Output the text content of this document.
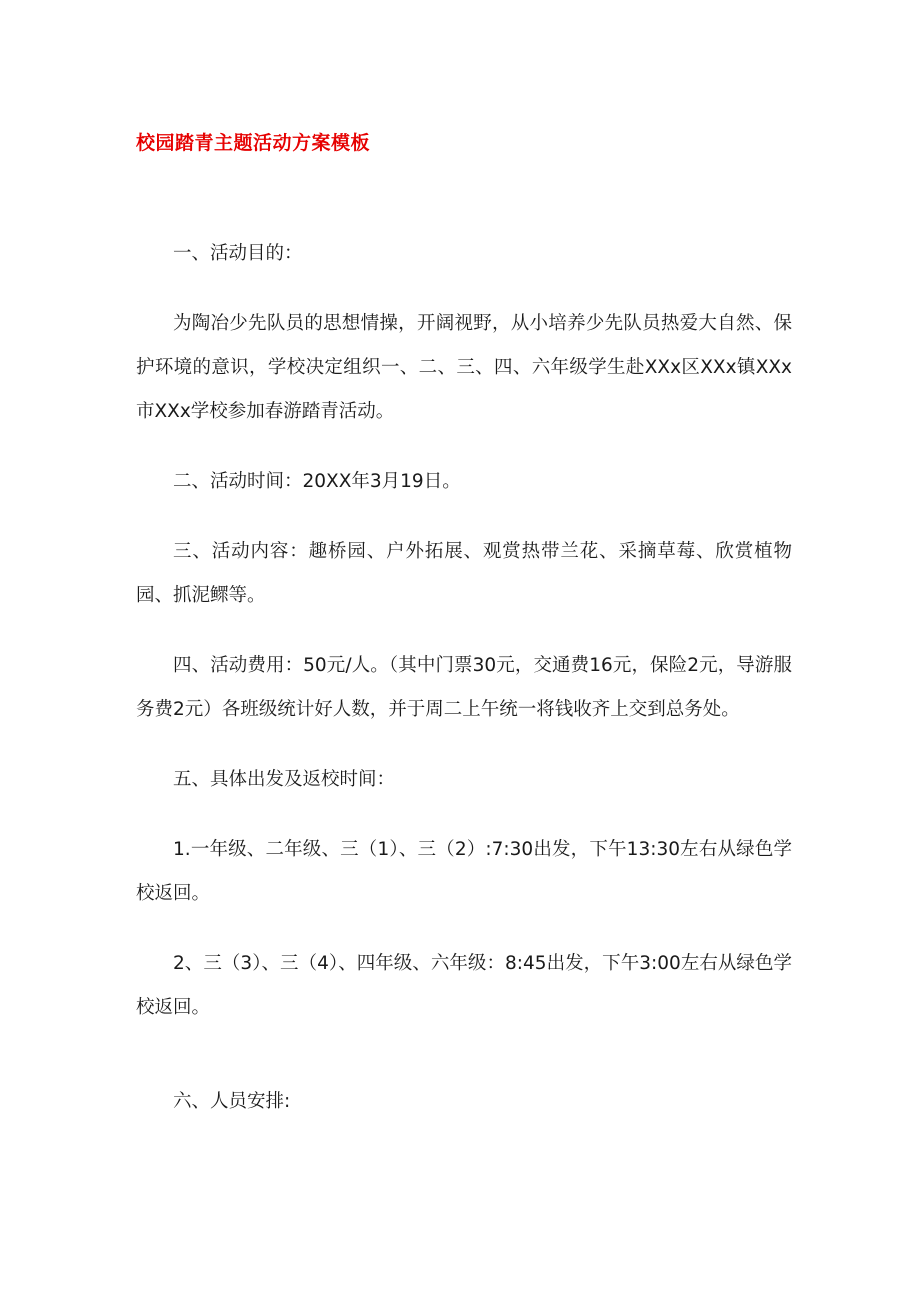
校园踏青主题活动方案模板

一、活动目的：

为陶冶少先队员的思想情操，开阔视野，从小培养少先队员热爱大自然、保护环境的意识，学校决定组织一、二、三、四、六年级学生赴XXx区XXx镇XXx市XXx学校参加春游踏青活动。

二、活动时间：20XX年3月19日。

三、活动内容：趣桥园、户外拓展、观赏热带兰花、采摘草莓、欣赏植物园、抓泥鳏等。

四、活动费用：50元/人。（其中门票30元，交通费16元，保险2元，导游服务费2元）各班级统计好人数，并于周二上午统一将钱收齐上交到总务处。

五、具体出发及返校时间：

1.一年级、二年级、三（1）、三（2）:7:30出发，下午13:30左右从绿色学校返回。

2、三（3）、三（4）、四年级、六年级：8:45出发，下午3:00左右从绿色学校返回。

六、人员安排:
